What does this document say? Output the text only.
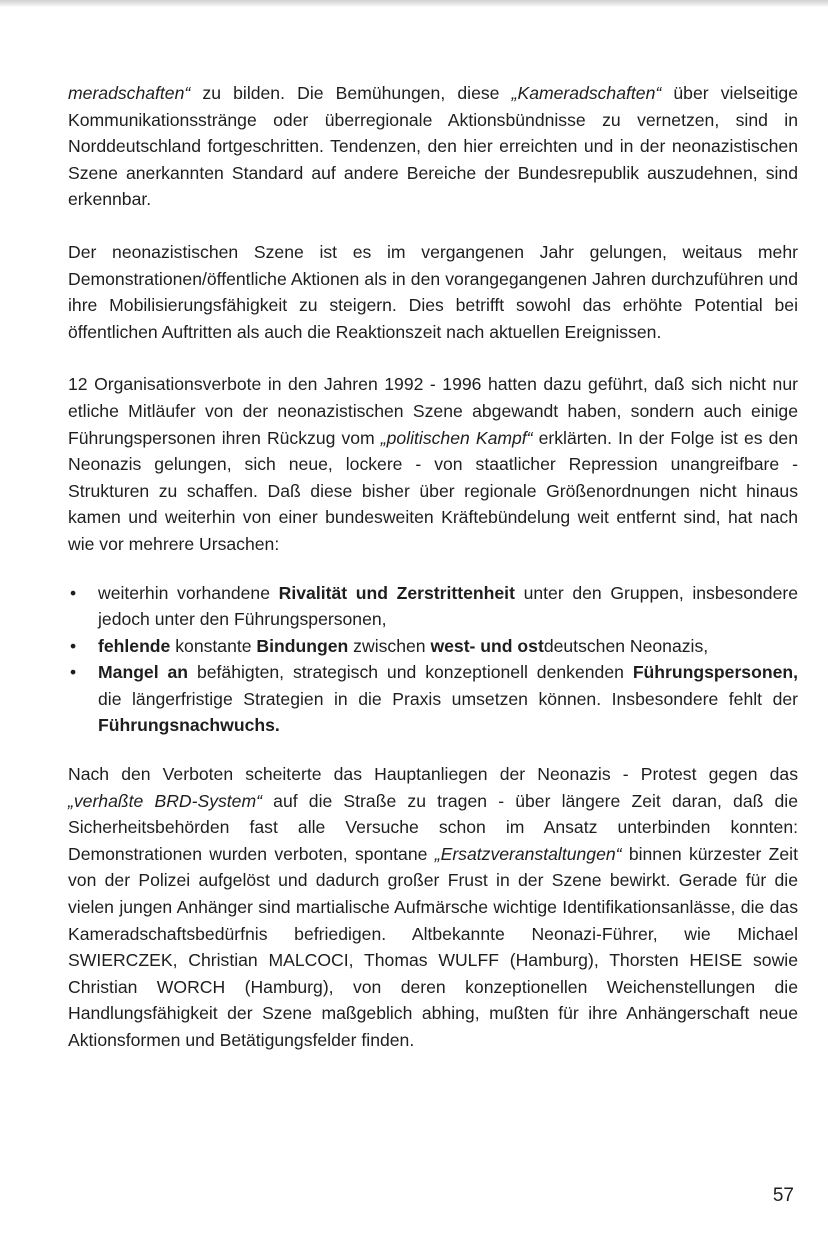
meradschaften“ zu bilden. Die Bemühungen, diese „Kameradschaften“ über vielseitige Kommunikationsstränge oder überregionale Aktionsbündnisse zu vernetzen, sind in Norddeutschland fortgeschritten. Tendenzen, den hier erreichten und in der neonazistischen Szene anerkannten Standard auf andere Bereiche der Bundesrepublik auszudehnen, sind erkennbar.

Der neonazistischen Szene ist es im vergangenen Jahr gelungen, weitaus mehr Demonstrationen/öffentliche Aktionen als in den vorangegangenen Jahren durchzuführen und ihre Mobilisierungsfähigkeit zu steigern. Dies betrifft sowohl das erhöhte Potential bei öffentlichen Auftritten als auch die Reaktionszeit nach aktuellen Ereignissen.

12 Organisationsverbote in den Jahren 1992 - 1996 hatten dazu geführt, daß sich nicht nur etliche Mitläufer von der neonazistischen Szene abgewandt haben, sondern auch einige Führungspersonen ihren Rückzug vom „politischen Kampf“ erklärten. In der Folge ist es den Neonazis gelungen, sich neue, lockere - von staatlicher Repression unangreifbare - Strukturen zu schaffen. Daß diese bisher über regionale Größenordnungen nicht hinaus kamen und weiterhin von einer bundesweiten Kräftebündelung weit entfernt sind, hat nach wie vor mehrere Ursachen:

• weiterhin vorhandene Rivalität und Zerstrittenheit unter den Gruppen, insbesondere jedoch unter den Führungspersonen,
• fehlende konstante Bindungen zwischen west- und ostdeutschen Neonazis,
• Mangel an befähigten, strategisch und konzeptionell denkenden Führungspersonen, die längerfristige Strategien in die Praxis umsetzen können. Insbesondere fehlt der Führungsnachwuchs.

Nach den Verboten scheiterte das Hauptanliegen der Neonazis - Protest gegen das „verhaßte BRD-System“ auf die Straße zu tragen - über längere Zeit daran, daß die Sicherheitsbehörden fast alle Versuche schon im Ansatz unterbinden konnten: Demonstrationen wurden verboten, spontane „Ersatzveranstaltungen“ binnen kürzester Zeit von der Polizei aufgelöst und dadurch großer Frust in der Szene bewirkt. Gerade für die vielen jungen Anhänger sind martialische Aufmärsche wichtige Identifikationsanlässe, die das Kameradschaftsbedürfnis befriedigen. Altbekannte Neonazi-Führer, wie Michael SWIERCZEK, Christian MALCOCI, Thomas WULFF (Hamburg), Thorsten HEISE sowie Christian WORCH (Hamburg), von deren konzeptionellen Weichenstellungen die Handlungsfähigkeit der Szene maßgeblich abhing, mußten für ihre Anhängerschaft neue Aktionsformen und Betätigungsfelder finden.

57
